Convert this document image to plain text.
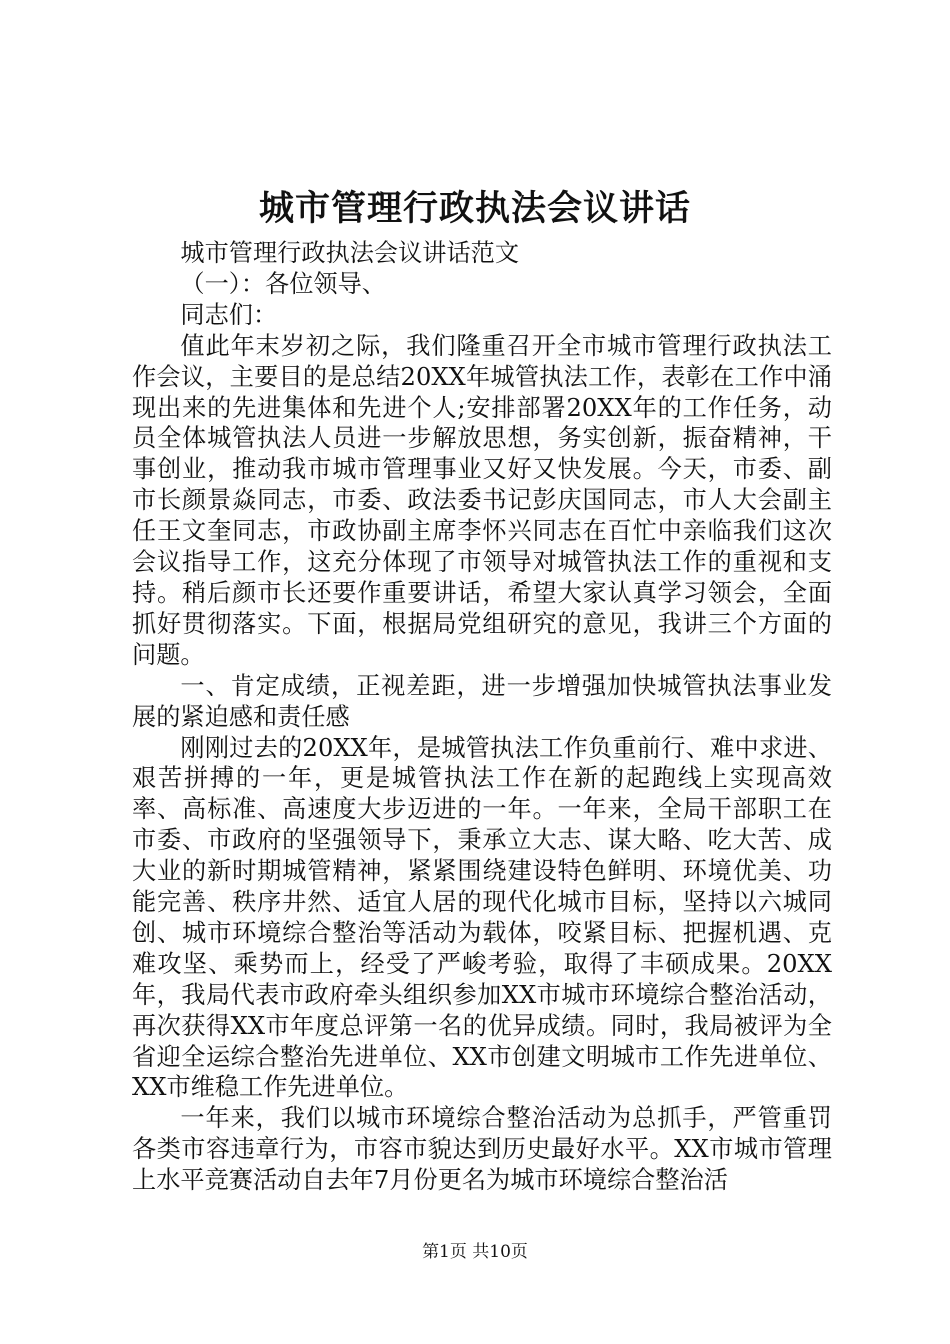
城市管理行政执法会议讲话

城市管理行政执法会议讲话范文

（一）：各位领导、

同志们：

值此年末岁初之际，我们隆重召开全市城市管理行政执法工作会议，主要目的是总结20XX年城管执法工作，表彰在工作中涌现出来的先进集体和先进个人;安排部署20XX年的工作任务，动员全体城管执法人员进一步解放思想，务实创新，振奋精神，干事创业，推动我市城市管理事业又好又快发展。今天，市委、副市长颜景焱同志，市委、政法委书记彭庆国同志，市人大会副主任王文奎同志，市政协副主席李怀兴同志在百忙中亲临我们这次会议指导工作，这充分体现了市领导对城管执法工作的重视和支持。稍后颜市长还要作重要讲话，希望大家认真学习领会，全面抓好贯彻落实。下面，根据局党组研究的意见，我讲三个方面的问题。

一、肯定成绩，正视差距，进一步增强加快城管执法事业发展的紧迫感和责任感

刚刚过去的20XX年，是城管执法工作负重前行、难中求进、艰苦拼搏的一年，更是城管执法工作在新的起跑线上实现高效率、高标准、高速度大步迈进的一年。一年来，全局干部职工在市委、市政府的坚强领导下，秉承立大志、谋大略、吃大苦、成大业的新时期城管精神，紧紧围绕建设特色鲜明、环境优美、功能完善、秩序井然、适宜人居的现代化城市目标，坚持以六城同创、城市环境综合整治等活动为载体，咬紧目标、把握机遇、克难攻坚、乘势而上，经受了严峻考验，取得了丰硕成果。20XX年，我局代表市政府牵头组织参加XX市城市环境综合整治活动，再次获得XX市年度总评第一名的优异成绩。同时，我局被评为全省迎全运综合整治先进单位、XX市创建文明城市工作先进单位、XX市维稳工作先进单位。

一年来，我们以城市环境综合整治活动为总抓手，严管重罚各类市容违章行为，市容市貌达到历史最好水平。XX市城市管理上水平竞赛活动自去年7月份更名为城市环境综合整治活

第1页 共10页
